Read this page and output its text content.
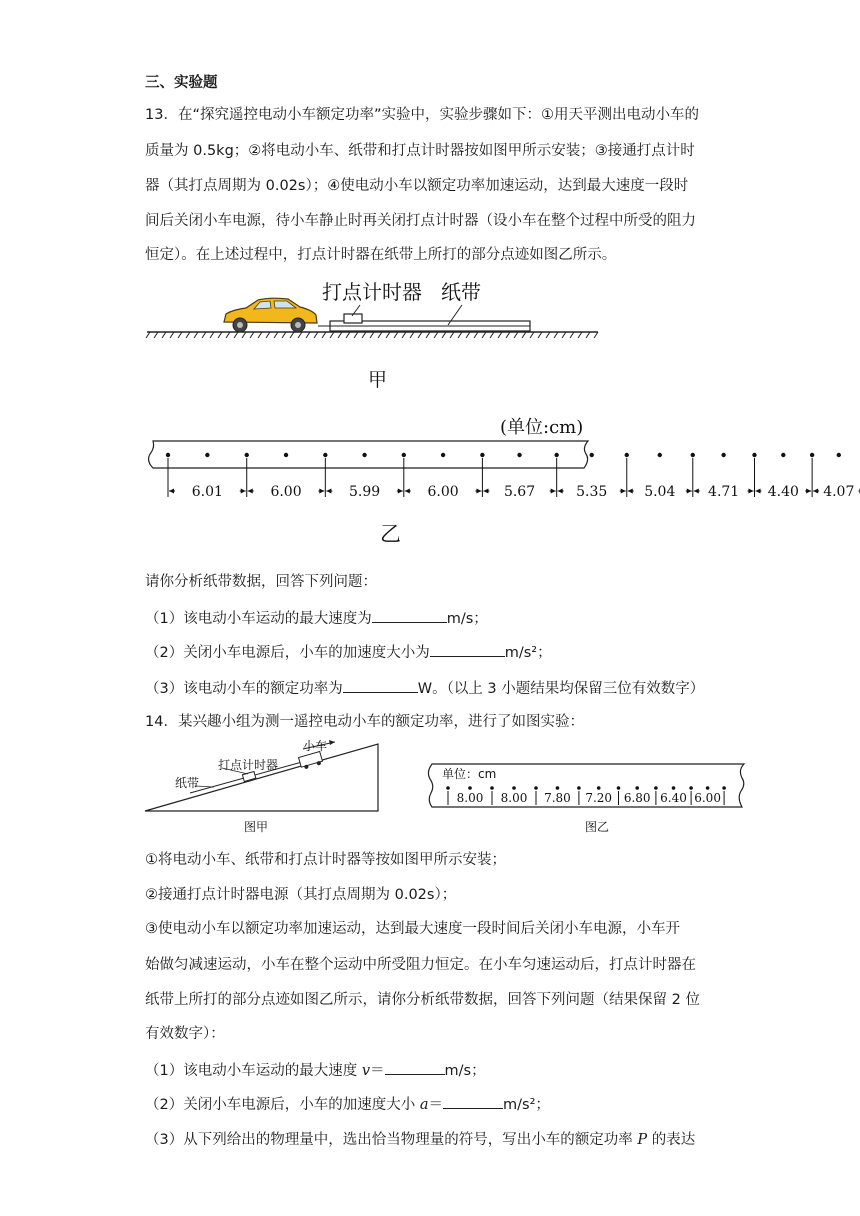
三、实验题
13．在“探究遥控电动小车额定功率”实验中，实验步骤如下：①用天平测出电动小车的
质量为 0.5kg；②将电动小车、纸带和打点计时器按如图甲所示安装；③接通打点计时
器（其打点周期为 0.02s）；④使电动小车以额定功率加速运动，达到最大速度一段时
间后关闭小车电源，待小车静止时再关闭打点计时器（设小车在整个过程中所受的阻力
恒定）。在上述过程中，打点计时器在纸带上所打的部分点迹如图乙所示。
打点计时器 纸带
甲
(单位:cm)
6.01	6.00	5.99	6.00	5.67	5.35	5.04 4.71 4.40 4.07
乙
请你分析纸带数据，回答下列问题：
（1）该电动小车运动的最大速度为	m/s；
（2）关闭小车电源后，小车的加速度大小为	m/s²；
（3）该电动小车的额定功率为	W。（以上 3 小题结果均保留三位有效数字）
14．某兴趣小组为测一遥控电动小车的额定功率，进行了如图实验：
小车
打点计时器
纸带
图甲
单位：cm
8.00 8.00 7.80 7.20 6.80 6.40 6.00
图乙
①将电动小车、纸带和打点计时器等按如图甲所示安装；
②接通打点计时器电源（其打点周期为 0.02s）；
③使电动小车以额定功率加速运动，达到最大速度一段时间后关闭小车电源，小车开
始做匀减速运动，小车在整个运动中所受阻力恒定。在小车匀速运动后，打点计时器在
纸带上所打的部分点迹如图乙所示，请你分析纸带数据，回答下列问题（结果保留 2 位
有效数字）：
（1）该电动小车运动的最大速度 v＝	m/s；
（2）关闭小车电源后，小车的加速度大小 a＝	m/s²；
（3）从下列给出的物理量中，选出恰当物理量的符号，写出小车的额定功率 P 的表达
